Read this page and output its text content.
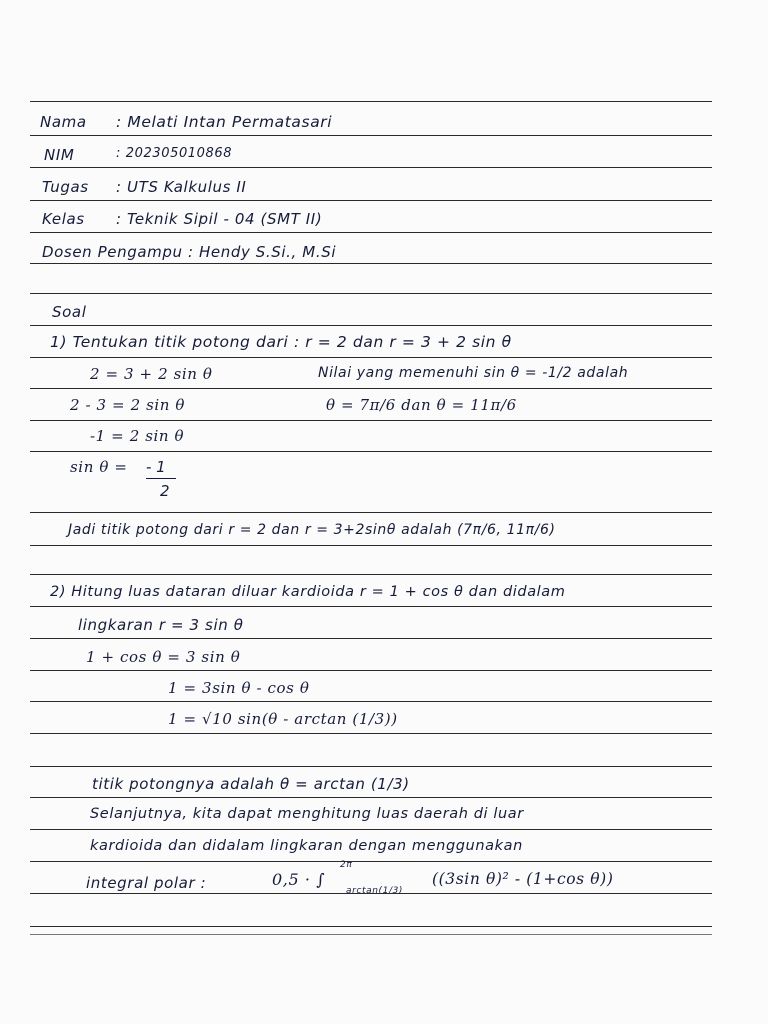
Nama : Melati Intan Permatasari
NIM	: 202305010868
Tugas : UTS Kalkulus II
Kelas : Teknik Sipil - 04 (SMT II)
Dosen Pengampu : Hendy S.Si., M.Si
Soal
1) Tentukan titik potong dari : r = 2 dan r = 3 + 2 sin θ
2 = 3 + 2 sin θ
2 - 3 = 2 sin θ
-1 = 2 sin θ
sin θ = - 1
2
Nilai yang memenuhi sin θ = -1/2 adalah
θ = 7π/6 dan θ = 11π/6
Jadi titik potong dari r = 2 dan r = 3+2sinθ adalah (7π/6, 11π/6)
2) Hitung luas dataran diluar kardioida r = 1 + cos θ dan didalam
lingkaran r = 3 sin θ
1 + cos θ = 3 sin θ
1 = 3sin θ - cos θ
1 = √10 sin(θ - arctan (1/3))
titik potongnya adalah θ = arctan (1/3)
Selanjutnya, kita dapat menghitung luas daerah di luar
kardioida dan didalam lingkaran dengan menggunakan
integral polar :	0,5 · ∫
2π
arctan(1/3)
((3sin θ)² - (1+cos θ))
